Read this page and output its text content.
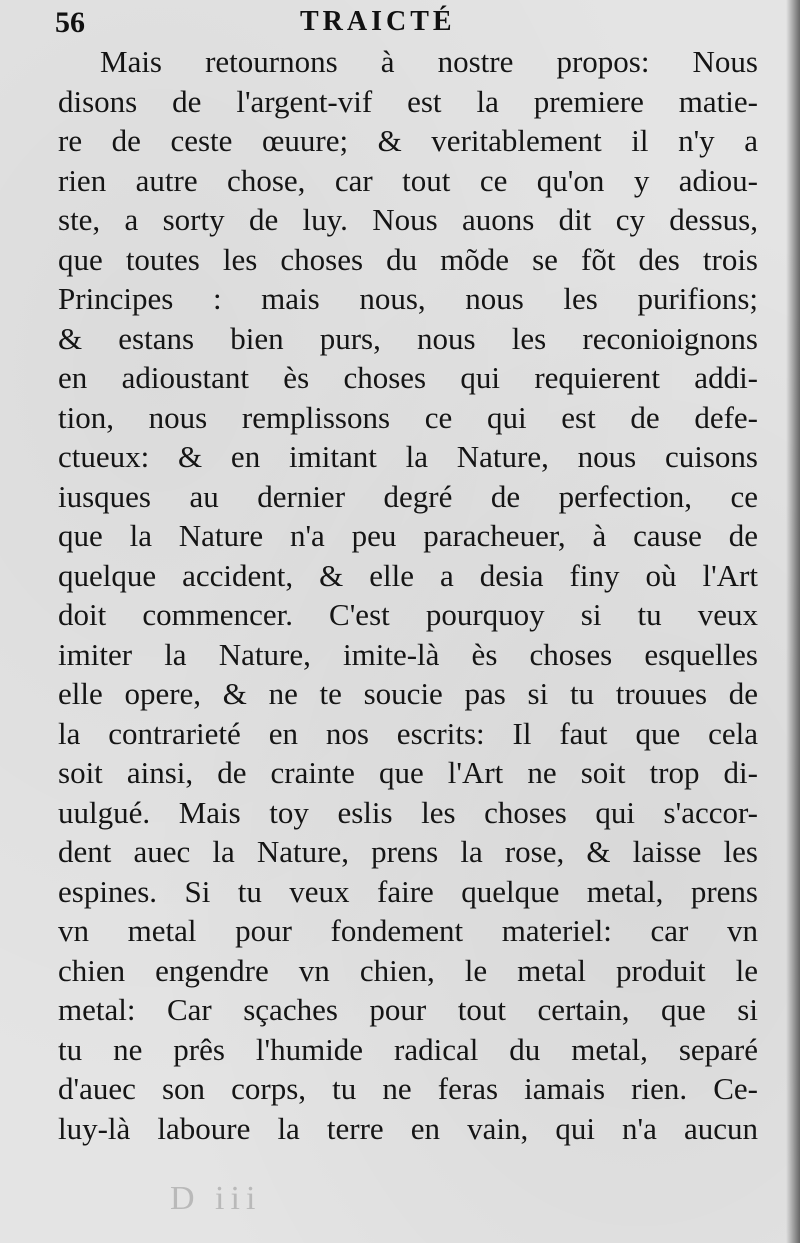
56	TRAICTÉ
Mais retournons à nostre propos: Nous
disons de l'argent-vif est la premiere matie-
re de ceste œuure; & veritablement il n'y a
rien autre chose, car tout ce qu'on y adiou-
ste, a sorty de luy. Nous auons dit cy dessus,
que toutes les choses du mõde se fõt des trois
Principes : mais nous, nous les purifions;
& estans bien purs, nous les reconioignons
en adioustant ès choses qui requierent addi-
tion, nous remplissons ce qui est de defe-
ctueux: & en imitant la Nature, nous cuisons
iusques au dernier degré de perfection, ce
que la Nature n'a peu paracheuer, à cause de
quelque accident, & elle a desia finy où l'Art
doit commencer. C'est pourquoy si tu veux
imiter la Nature, imite-là ès choses esquelles
elle opere, & ne te soucie pas si tu trouues de
la contrarieté en nos escrits: Il faut que cela
soit ainsi, de crainte que l'Art ne soit trop di-
uulgué. Mais toy eslis les choses qui s'accor-
dent auec la Nature, prens la rose, & laisse les
espines. Si tu veux faire quelque metal, prens
vn metal pour fondement materiel: car vn
chien engendre vn chien, le metal produit le
metal: Car sçaches pour tout certain, que si
tu ne prês l'humide radical du metal, separé
d'auec son corps, tu ne feras iamais rien. Ce-
luy-là laboure la terre en vain, qui n'a aucun
D iii
